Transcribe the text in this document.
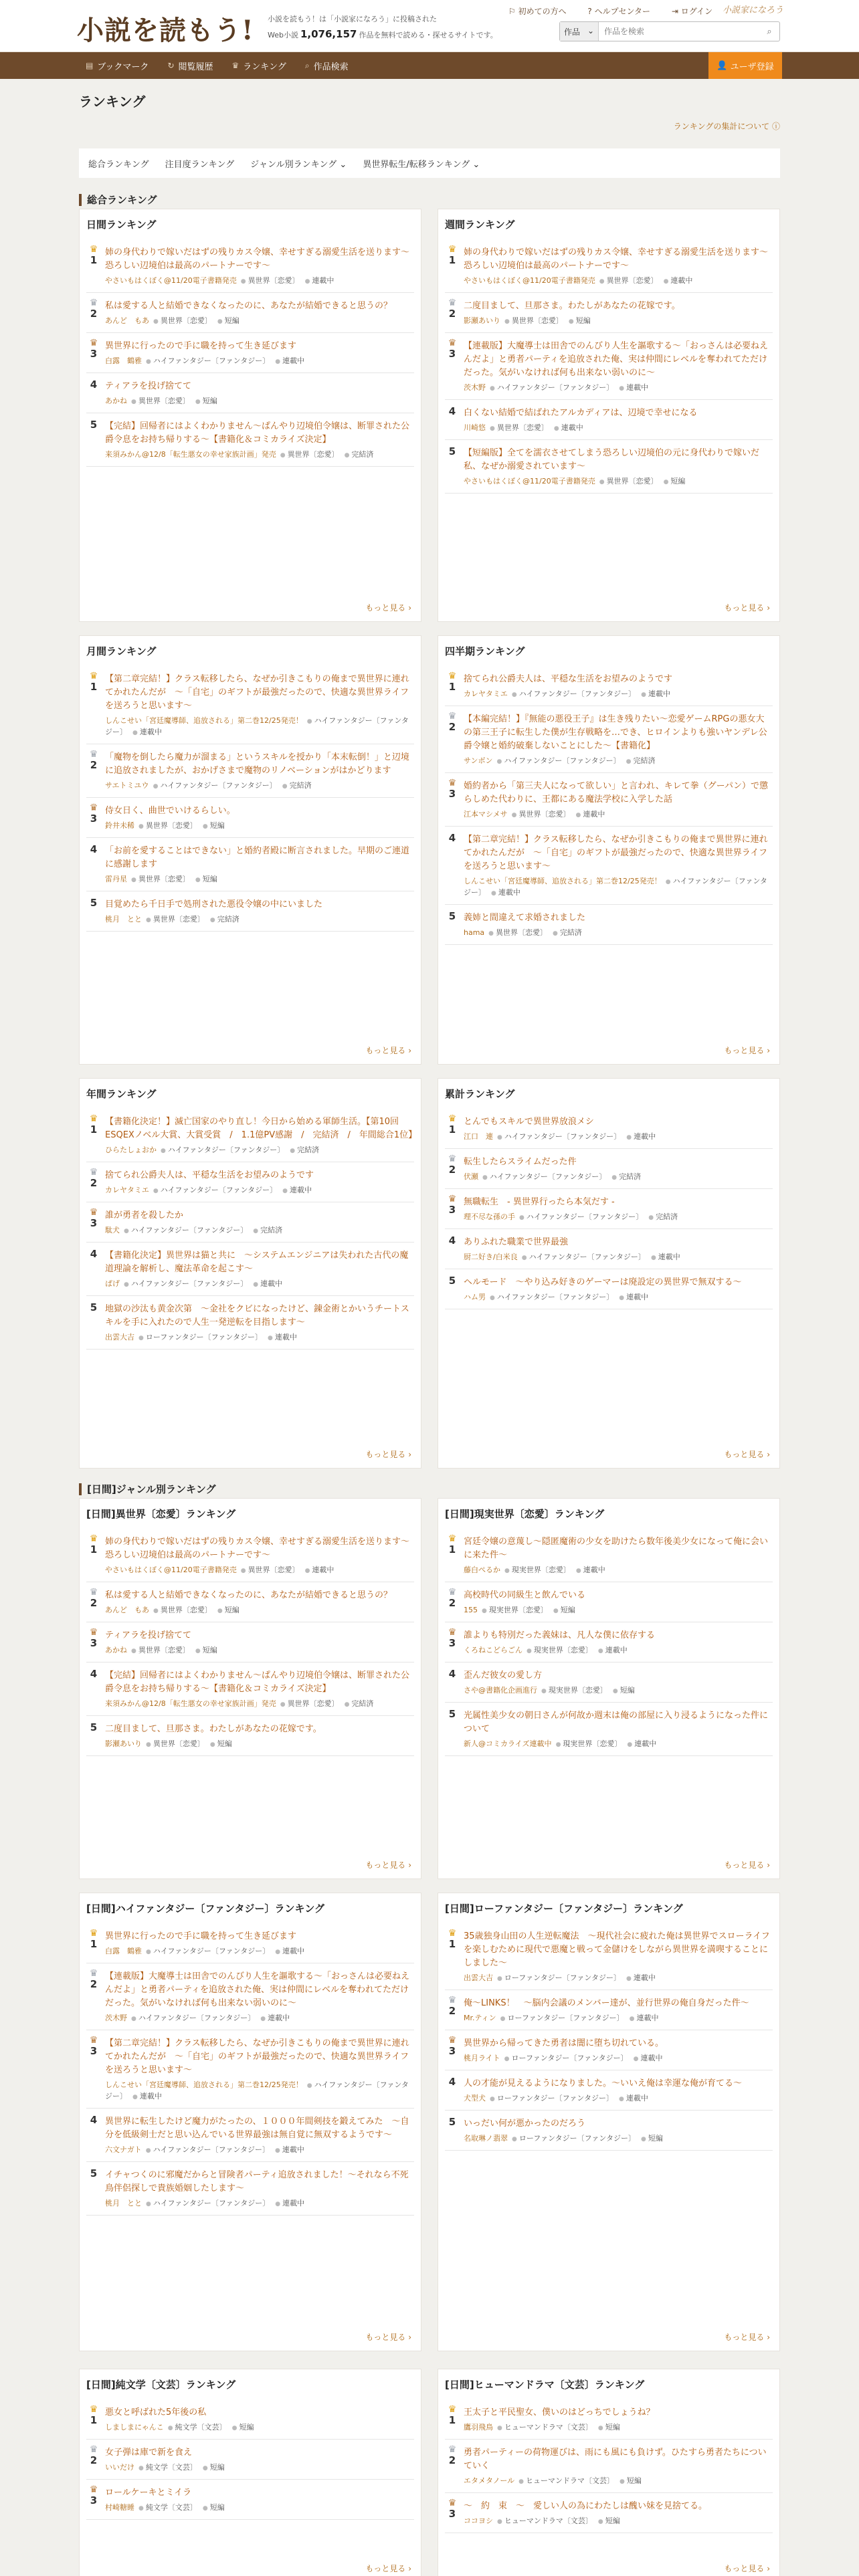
小説を読もう! 小説を読もう！は「小説家になろう」に投稿された
Web小説 1,076,157 作品を無料で読める・探せるサイトです。
⚐ 初めての方へ	? ヘルプセンター	⇥ ログイン	小説家になろう
作品 ⌄
作品を検索	⌕
▤ ブックマーク ↻ 閲覧履歴 ♛ ランキング ⌕ 作品検索	👤 ユーザ登録
ランキング
ランキングの集計について ⓘ
総合ランキング 注目度ランキング ジャンル別ランキング ⌄ 異世界転生/転移ランキング ⌄
総合ランキング
[日間]ジャンル別ランキング
日間ランキング
♛
1
姉の身代わりで嫁いだはずの残りカス令嬢、幸せすぎる溺愛生活を送ります〜恐ろしい辺境伯は最高のパートナーです〜
やさいもはくぼく@11/20電子書籍発売 ● 異世界〔恋愛〕 ● 連載中
♛
2
私は愛する人と結婚できなくなったのに、あなたが結婚できると思うの？
あんど　もあ ● 異世界〔恋愛〕 ● 短編
♛
3
異世界に行ったので手に職を持って生き延びます
白露　鶴雅 ● ハイファンタジー〔ファンタジー〕 ● 連載中
4 ティアラを投げ捨てて
あかね ● 異世界〔恋愛〕 ● 短編
5 【完結】回帰者にはよくわかりません〜ぱんやり辺境伯令嬢は、断罪された公爵令息をお持ち帰りする〜【書籍化＆コミカライズ決定】
来須みかん@12/8「転生悪女の幸せ家族計画」発売 ● 異世界〔恋愛〕 ● 完結済
もっと見る ›
週間ランキング
♛
1
姉の身代わりで嫁いだはずの残りカス令嬢、幸せすぎる溺愛生活を送ります〜恐ろしい辺境伯は最高のパートナーです〜
やさいもはくぼく@11/20電子書籍発売 ● 異世界〔恋愛〕 ● 連載中
♛
2
二度目まして、旦那さま。わたしがあなたの花嫁です。
影瀬あいり ● 異世界〔恋愛〕 ● 短編
♛
3
【連載版】大魔導士は田舎でのんびり人生を謳歌する〜「おっさんは必要ねえんだよ」と勇者パーティを追放された俺、実は仲間にレベルを奪われてただけだった。気がいなければ何も出来ない弱いのに〜
茨木野 ● ハイファンタジー〔ファンタジー〕 ● 連載中
4 白くない結婚で結ばれたアルカディアは、辺境で幸せになる
川崎悠 ● 異世界〔恋愛〕 ● 連載中
5 【短編版】全てを濡衣させてしまう恐ろしい辺境伯の元に身代わりで嫁いだ私、なぜか溺愛されています〜
やさいもはくぼく@11/20電子書籍発売 ● 異世界〔恋愛〕 ● 短編
もっと見る ›
月間ランキング
♛
1
【第二章完結！】クラス転移したら、なぜか引きこもりの俺まで異世界に連れてかれたんだが　〜「自宅」のギフトが最強だったので、快適な異世界ライフを送ろうと思います〜
しんこせい「宮廷魔導師、追放される」第二巻12/25発売！ ● ハイファンタジー〔ファンタジー〕 ● 連載中
♛
2
「魔物を倒したら魔力が溜まる」というスキルを授かり「本末転倒！」と辺境に追放されましたが、おかげさまで魔物のリノベーションがはかどります
サエトミユウ ● ハイファンタジー〔ファンタジー〕 ● 完結済
♛
3
侍女日く、曲世でいけるらしい。
鈴井未稀 ● 異世界〔恋愛〕 ● 短編
4 「お前を愛することはできない」と婚約者殿に断言されました。早期のご連道に感謝します
雷丹星 ● 異世界〔恋愛〕 ● 短編
5 目覚めたら千日手で処刑された悪役令嬢の中にいました
桃月　とと ● 異世界〔恋愛〕 ● 完結済
もっと見る ›
四半期ランキング
♛
1
捨てられ公爵夫人は、平穏な生活をお望みのようです
カレヤタミエ ● ハイファンタジー〔ファンタジー〕 ● 連載中
♛
2
【本編完結！】『無能の悪役王子』は生き残りたい〜恋愛ゲームRPGの悪女大の第三王子に転生した僕が生存戦略を…でき、ヒロインよりも強いヤンデレ公爵令嬢と婚約破棄しないことにした〜【書籍化】
サンボン ● ハイファンタジー〔ファンタジー〕 ● 完結済
♛
3
婚約者から「第三夫人になって欲しい」と言われ、キレて拳（グーパン）で懲らしめた代わりに、王都にある魔法学校に入学した話
江本マシメサ ● 異世界〔恋愛〕 ● 連載中
4 【第二章完結！】クラス転移したら、なぜか引きこもりの俺まで異世界に連れてかれたんだが　〜「自宅」のギフトが最強だったので、快適な異世界ライフを送ろうと思います〜
しんこせい「宮廷魔導師、追放される」第二巻12/25発売！ ● ハイファンタジー〔ファンタジー〕 ● 連載中
5 義姉と間違えて求婚されました
hama ● 異世界〔恋愛〕 ● 完結済
もっと見る ›
年間ランキング
♛
1
【書籍化決定！】滅亡国家のやり直し！今日から始める軍師生活。【第10回ESQEXノベル大賞、大賞受賞　/　1.1億PV感謝　/　完結済　/　年間総合1位】
ひらたしょおか ● ハイファンタジー〔ファンタジー〕 ● 完結済
♛
2
捨てられ公爵夫人は、平穏な生活をお望みのようです
カレヤタミエ ● ハイファンタジー〔ファンタジー〕 ● 連載中
♛
3
誰が勇者を殺したか
駄犬 ● ハイファンタジー〔ファンタジー〕 ● 完結済
4 【書籍化決定】異世界は猫と共に　〜システムエンジニアは失われた古代の魔道理論を解析し、魔法革命を起こす〜
ぱげ ● ハイファンタジー〔ファンタジー〕 ● 連載中
5 地獄の沙汰も黄金次第　〜金社をクビになったけど、錬金術とかいうチートスキルを手に入れたので人生一発逆転を目指します〜
出雲大吉 ● ローファンタジー〔ファンタジー〕 ● 連載中
もっと見る ›
累計ランキング
♛
1
とんでもスキルで異世界放浪メシ
江口　連 ● ハイファンタジー〔ファンタジー〕 ● 連載中
♛
2
転生したらスライムだった件
伏瀬 ● ハイファンタジー〔ファンタジー〕 ● 完結済
♛
3
無職転生　- 異世界行ったら本気だす -
理不尽な孫の手 ● ハイファンタジー〔ファンタジー〕 ● 完結済
4 ありふれた職業で世界最強
厨二好き/白米良 ● ハイファンタジー〔ファンタジー〕 ● 連載中
5 ヘルモード　〜やり込み好きのゲーマーは廃設定の異世界で無双する〜
ハム男 ● ハイファンタジー〔ファンタジー〕 ● 連載中
もっと見る ›
[日間]異世界〔恋愛〕ランキング
♛
1
姉の身代わりで嫁いだはずの残りカス令嬢、幸せすぎる溺愛生活を送ります〜恐ろしい辺境伯は最高のパートナーです〜
やさいもはくぼく@11/20電子書籍発売 ● 異世界〔恋愛〕 ● 連載中
♛
2
私は愛する人と結婚できなくなったのに、あなたが結婚できると思うの？
あんど　もあ ● 異世界〔恋愛〕 ● 短編
♛
3
ティアラを投げ捨てて
あかね ● 異世界〔恋愛〕 ● 短編
4 【完結】回帰者にはよくわかりません〜ぱんやり辺境伯令嬢は、断罪された公爵令息をお持ち帰りする〜【書籍化＆コミカライズ決定】
来須みかん@12/8「転生悪女の幸せ家族計画」発売 ● 異世界〔恋愛〕 ● 完結済
5 二度目まして、旦那さま。わたしがあなたの花嫁です。
影瀬あいり ● 異世界〔恋愛〕 ● 短編
もっと見る ›
[日間]現実世界〔恋愛〕ランキング
♛
1
宮廷令嬢の意蔑し〜隠匿魔術の少女を助けたら数年後美少女になって俺に会いに来た件〜
藤白ぺるか ● 現実世界〔恋愛〕 ● 連載中
♛
2
高校時代の同級生と飲んでいる
155 ● 現実世界〔恋愛〕 ● 短編
♛
3
誰よりも特別だった義妹は、凡人な僕に依存する
くろねこどらごん ● 現実世界〔恋愛〕 ● 連載中
4 歪んだ彼女の愛し方
さや@書籍化企画進行 ● 現実世界〔恋愛〕 ● 短編
5 光属性美少女の朝日さんが何故か週末は俺の部屋に入り浸るようになった件について
新人@コミカライズ連載中 ● 現実世界〔恋愛〕 ● 連載中
もっと見る ›
[日間]ハイファンタジー〔ファンタジー〕ランキング
♛
1
異世界に行ったので手に職を持って生き延びます
白露　鶴雅 ● ハイファンタジー〔ファンタジー〕 ● 連載中
♛
2
【連載版】大魔導士は田舎でのんびり人生を謳歌する〜「おっさんは必要ねえんだよ」と勇者パーティを追放された俺、実は仲間にレベルを奪われてただけだった。気がいなければ何も出来ない弱いのに〜
茨木野 ● ハイファンタジー〔ファンタジー〕 ● 連載中
♛
3
【第二章完結！】クラス転移したら、なぜか引きこもりの俺まで異世界に連れてかれたんだが　〜「自宅」のギフトが最強だったので、快適な異世界ライフを送ろうと思います〜
しんこせい「宮廷魔導師、追放される」第二巻12/25発売！ ● ハイファンタジー〔ファンタジー〕 ● 連載中
4 異世界に転生したけど魔力がたったの、１０００年間剣技を鍛えてみた　〜自分を低級剣士だと思い込んでいる世界最強は無自覚に無双するようです〜
六文ナガト ● ハイファンタジー〔ファンタジー〕 ● 連載中
5 イチャつくのに邪魔だからと冒険者パーティ追放されました！〜それなら不死鳥伴侶探しで貴族婚姻したします〜
桃月　とと ● ハイファンタジー〔ファンタジー〕 ● 連載中
もっと見る ›
[日間]ローファンタジー〔ファンタジー〕ランキング
♛
1
35歳独身山田の人生逆転魔法　〜現代社会に疲れた俺は異世界でスローライフを楽しむために現代で悪魔と戦って金儲けをしながら異世界を満喫することにしました〜
出雲大吉 ● ローファンタジー〔ファンタジー〕 ● 連載中
♛
2
俺〜LINKS！　〜脳内会議のメンバー達が、並行世界の俺自身だった件〜
Mr.ティン ● ローファンタジー〔ファンタジー〕 ● 連載中
♛
3
異世界から帰ってきた勇者は闇に堕ち切れている。
桃月ライト ● ローファンタジー〔ファンタジー〕 ● 連載中
4 人の才能が見えるようになりました。〜いいえ俺は幸運な俺が育てる〜
犬型犬 ● ローファンタジー〔ファンタジー〕 ● 連載中
5 いっだい何が悪かったのだろう
名取琳ノ翡翠 ● ローファンタジー〔ファンタジー〕 ● 短編
もっと見る ›
[日間]純文学〔文芸〕ランキング
♛
1
悪女と呼ばれた5年後の私
しましまにゃんこ ● 純文学〔文芸〕 ● 短編
♛
2
女子弾は庫で新を食え
いいだけ ● 純文学〔文芸〕 ● 短編
♛
3
ロールケーキとミイラ
村崎糖睡 ● 純文学〔文芸〕 ● 短編
もっと見る ›
[日間]ヒューマンドラマ〔文芸〕ランキング
♛
1
王太子と平民聖女、僕いのはどっちでしょうね？
鷹羽飛鳥 ● ヒューマンドラマ〔文芸〕 ● 短編
♛
2
勇者パーティーの荷物運びは、雨にも風にも負けず。ひたすら勇者たちについていく
エタメタノール ● ヒューマンドラマ〔文芸〕 ● 短編
♛
3
〜　約　束　〜　愛しい人の為にわたしは醜い妹を見捨てる。
ココヨシ ● ヒューマンドラマ〔文芸〕 ● 短編
もっと見る ›
